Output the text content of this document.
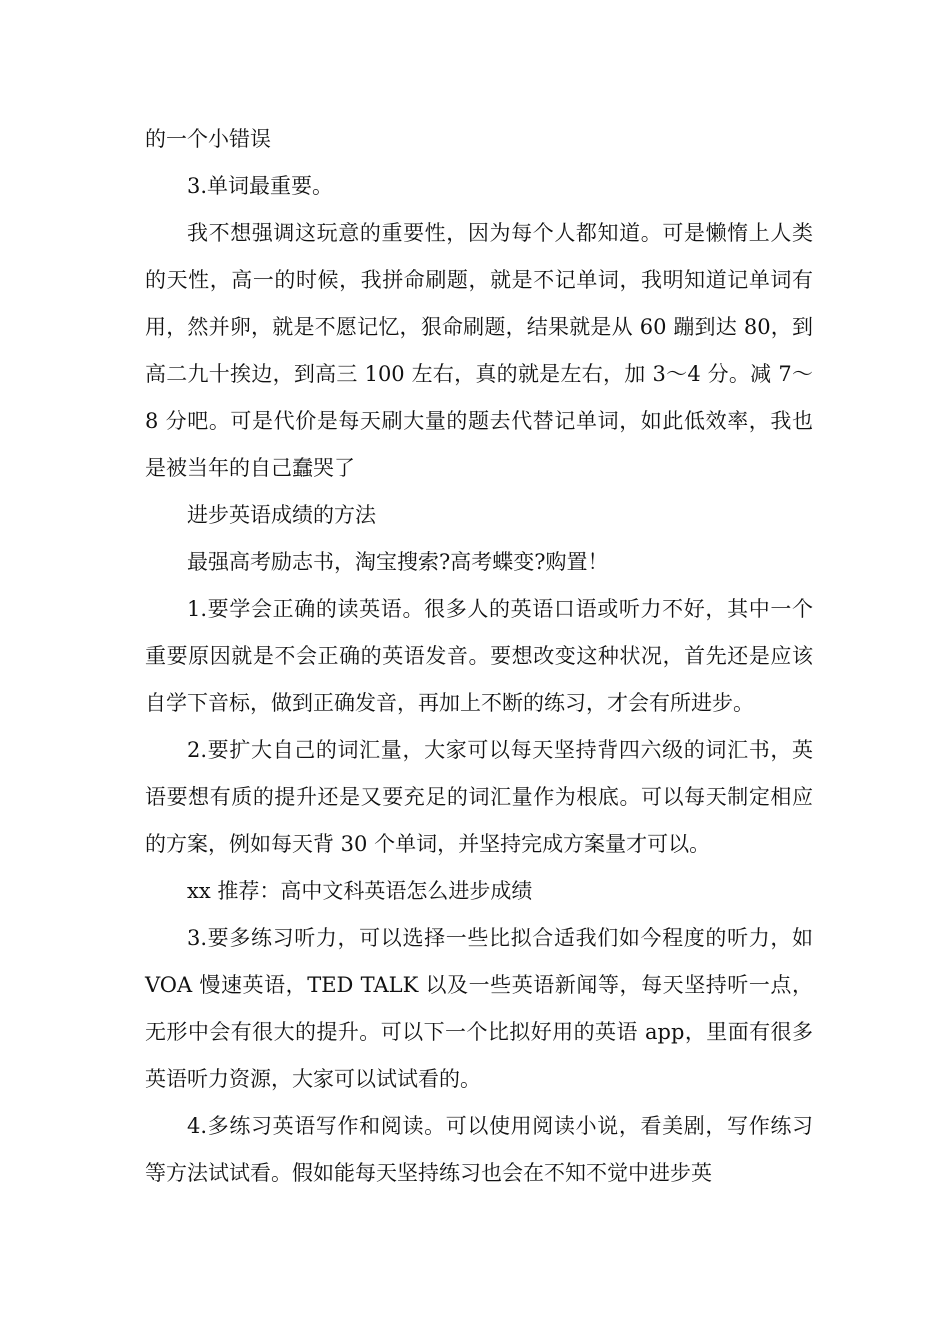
的一个小错误

3.单词最重要。

我不想强调这玩意的重要性，因为每个人都知道。可是懒惰上人类的天性，高一的时候，我拼命刷题，就是不记单词，我明知道记单词有用，然并卵，就是不愿记忆，狠命刷题，结果就是从 60 蹦到达 80，到高二九十挨边，到高三 100 左右，真的就是左右，加 3～4 分。减 7～8 分吧。可是代价是每天刷大量的题去代替记单词，如此低效率，我也是被当年的自己蠢哭了

进步英语成绩的方法

最强高考励志书，淘宝搜索?高考蝶变?购置！

1.要学会正确的读英语。很多人的英语口语或听力不好，其中一个重要原因就是不会正确的英语发音。要想改变这种状况，首先还是应该自学下音标，做到正确发音，再加上不断的练习，才会有所进步。

2.要扩大自己的词汇量，大家可以每天坚持背四六级的词汇书，英语要想有质的提升还是又要充足的词汇量作为根底。可以每天制定相应的方案，例如每天背 30 个单词，并坚持完成方案量才可以。

xx 推荐：高中文科英语怎么进步成绩

3.要多练习听力，可以选择一些比拟合适我们如今程度的听力，如 VOA 慢速英语，TED TALK 以及一些英语新闻等，每天坚持听一点，无形中会有很大的提升。可以下一个比拟好用的英语 app，里面有很多英语听力资源，大家可以试试看的。

4.多练习英语写作和阅读。可以使用阅读小说，看美剧，写作练习等方法试试看。假如能每天坚持练习也会在不知不觉中进步英
